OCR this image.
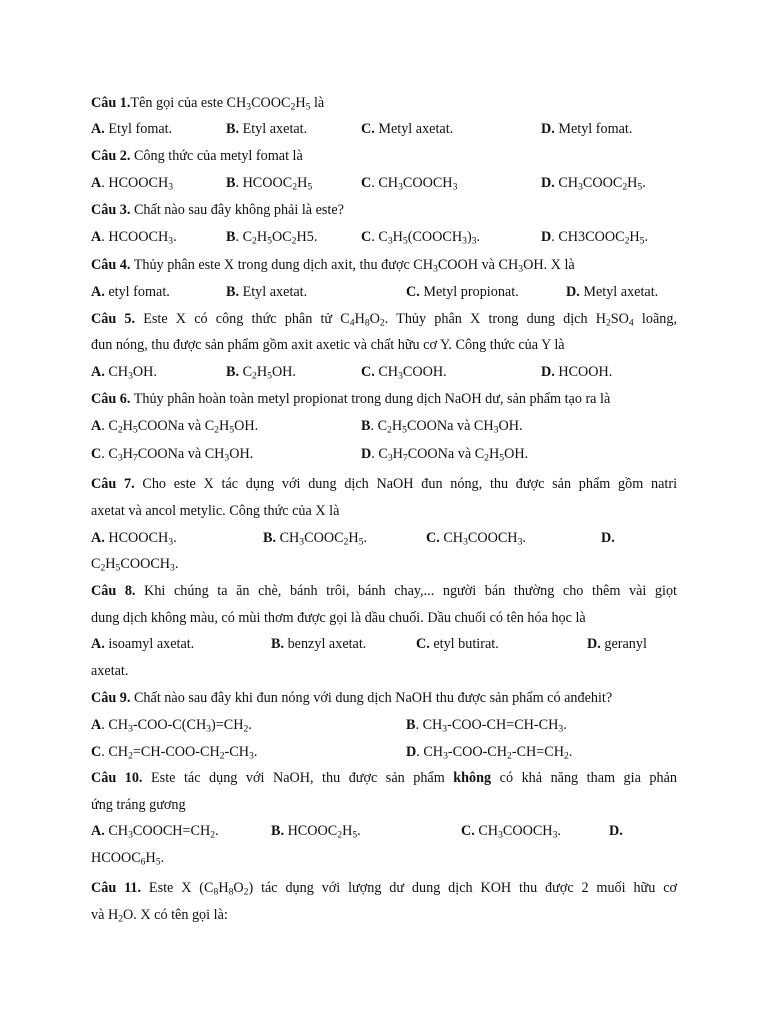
Câu 1.Tên gọi của este $CH_3COOC_2H_5$ là
A. Etyl fomat.	B. Etyl axetat.	C. Metyl axetat.	D. Metyl fomat.
Câu 2. Công thức của metyl fomat là
A. $HCOOCH_3$	B. $HCOOC_2H_5$	C. $CH_3COOCH_3$	D. $CH_3COOC_2H_5$.
Câu 3. Chất nào sau đây không phải là este?
A. $HCOOCH_3$.	B. $C_2H_5OC_2H5$.	C. $C_3H_5(COOCH_3)_3$.	D. $CH3COOC_2H_5$.
Câu 4. Thủy phân este X trong dung dịch axit, thu được $CH_3COOH$ và $CH_3OH$. X là
A. etyl fomat.	B. Etyl axetat.	C. Metyl propionat.	D. Metyl axetat.
Câu 5. Este X có công thức phân tử $C_4H_8O_2$. Thủy phân X trong dung dịch $H_2SO_4$ loãng,
đun nóng, thu được sản phẩm gồm axit axetic và chất hữu cơ Y. Công thức của Y là
A. $CH_3OH$.	B. $C_2H_5OH$.	C. $CH_3COOH$.	D. HCOOH.
Câu 6. Thủy phân hoàn toàn metyl propionat trong dung dịch NaOH dư, sản phẩm tạo ra là
A. $C_2H_5COONa$ và $C_2H_5OH$.	B. $C_2H_5COONa$ và $CH_3OH$.
C. $C_3H_7COONa$ và $CH_3OH$.	D. $C_3H_7COONa$ và $C_2H_5OH$.
Câu 7. Cho este X tác dụng với dung dịch NaOH đun nóng, thu được sản phẩm gồm natri
axetat và ancol metylic. Công thức của X là
A. $HCOOCH_3$.	B. $CH_3COOC_2H_5$.	C. $CH_3COOCH_3$.	D.
$C_2H_5COOCH_3$.
Câu 8. Khi chúng ta ăn chè, bánh trôi, bánh chay,... người bán thường cho thêm vài giọt
dung dịch không màu, có mùi thơm được gọi là dầu chuối. Dầu chuối có tên hóa học là
A. isoamyl axetat.	B. benzyl axetat.	C. etyl butirat.	D. geranyl
axetat.
Câu 9. Chất nào sau đây khi đun nóng với dung dịch NaOH thu được sản phẩm có anđehit?
A. $CH_3-COO-C(CH_3)=CH_2$.	B. $CH_3-COO-CH=CH-CH_3$.
C. $CH_2=CH-COO-CH_2-CH_3$.	D. $CH_3-COO-CH_2-CH=CH_2$.
Câu 10. Este tác dụng với NaOH, thu được sản phẩm không có khả năng tham gia phản
ứng tráng gương
A. $CH_3COOCH=CH_2$.	B. $HCOOC_2H_5$.	C. $CH_3COOCH_3$.	D.
$HCOOC_6H_5$.
Câu 11. Este X $(C_8H_8O_2)$ tác dụng với lượng dư dung dịch KOH thu được 2 muối hữu cơ
và $H_2O$. X có tên gọi là:
